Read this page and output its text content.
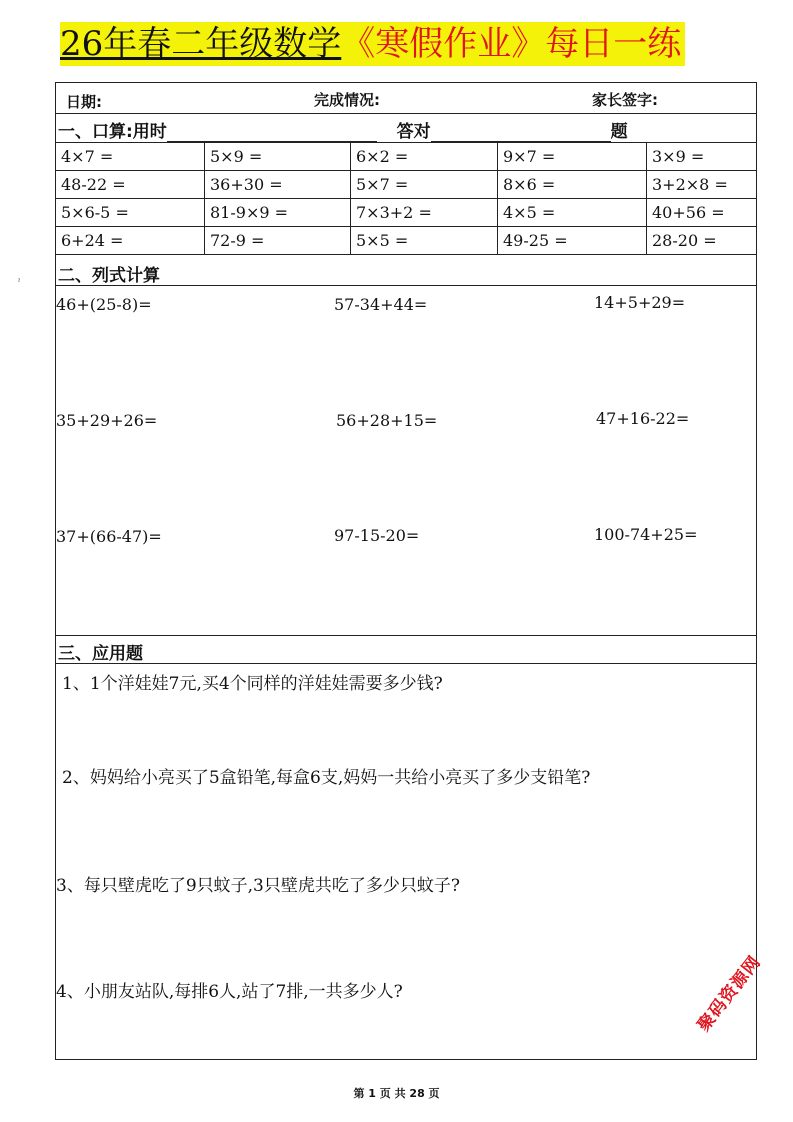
26年春二年级数学《寒假作业》每日一练
ˀ
日期:	完成情况:	家长签字:
一、口算:用时	答对	题
4×7 =	5×9 =	6×2 =	9×7 =	3×9 =
48-22 =	36+30 =	5×7 =	8×6 =	3+2×8 =
5×6-5 =	81-9×9 =	7×3+2 =	4×5 =	40+56 =
6+24 =	72-9 =	5×5 =	49-25 =	28-20 =
二、列式计算
46+(25-8)=	57-34+44=	14+5+29=
35+29+26=	56+28+15=	47+16-22=
37+(66-47)=	97-15-20=	100-74+25=
三、应用题
1、1个洋娃娃7元,买4个同样的洋娃娃需要多少钱?
2、妈妈给小亮买了5盒铅笔,每盒6支,妈妈一共给小亮买了多少支铅笔?
3、每只壁虎吃了9只蚊子,3只壁虎共吃了多少只蚊子?
4、小朋友站队,每排6人,站了7排,一共多少人?	聚码资源网
第 1 页 共 28 页
